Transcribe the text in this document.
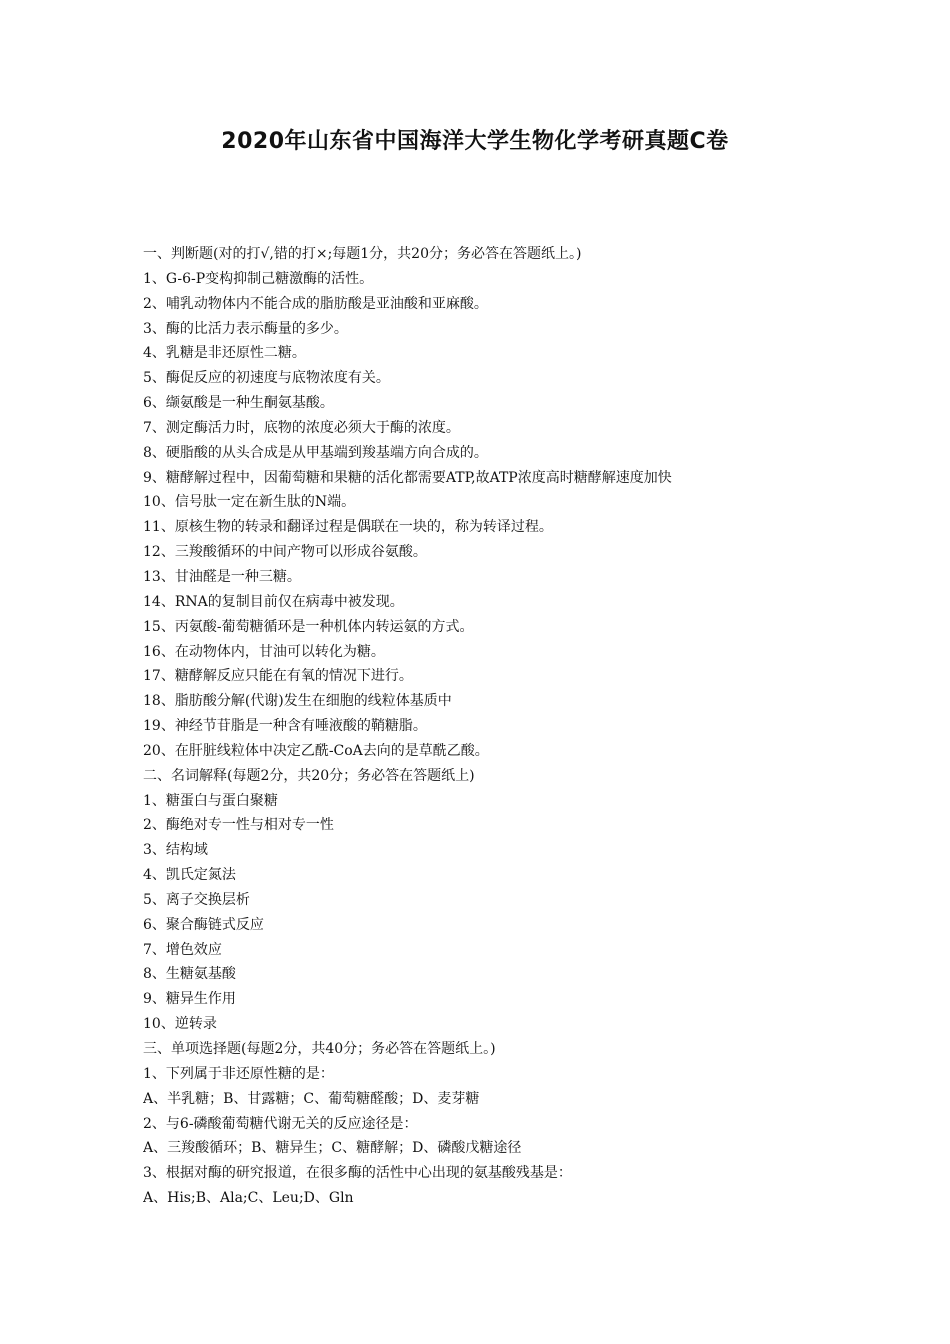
2020年山东省中国海洋大学生物化学考研真题C卷
一、判断题(对的打√,错的打×;每题1分，共20分；务必答在答题纸上。)
1、G-6-P变构抑制己糖激酶的活性。
2、哺乳动物体内不能合成的脂肪酸是亚油酸和亚麻酸。
3、酶的比活力表示酶量的多少。
4、乳糖是非还原性二糖。
5、酶促反应的初速度与底物浓度有关。
6、缬氨酸是一种生酮氨基酸。
7、测定酶活力时，底物的浓度必须大于酶的浓度。
8、硬脂酸的从头合成是从甲基端到羧基端方向合成的。
9、糖酵解过程中，因葡萄糖和果糖的活化都需要ATP,故ATP浓度高时糖酵解速度加快
10、信号肽一定在新生肽的N端。
11、原核生物的转录和翻译过程是偶联在一块的，称为转译过程。
12、三羧酸循环的中间产物可以形成谷氨酸。
13、甘油醛是一种三糖。
14、RNA的复制目前仅在病毒中被发现。
15、丙氨酸-葡萄糖循环是一种机体内转运氨的方式。
16、在动物体内，甘油可以转化为糖。
17、糖酵解反应只能在有氧的情况下进行。
18、脂肪酸分解(代谢)发生在细胞的线粒体基质中
19、神经节苷脂是一种含有唾液酸的鞘糖脂。
20、在肝脏线粒体中决定乙酰-CoA去向的是草酰乙酸。
二、名词解释(每题2分，共20分；务必答在答题纸上)
1、糖蛋白与蛋白聚糖
2、酶绝对专一性与相对专一性
3、结构域
4、凯氏定氮法
5、离子交换层析
6、聚合酶链式反应
7、增色效应
8、生糖氨基酸
9、糖异生作用
10、逆转录
三、单项选择题(每题2分，共40分；务必答在答题纸上。)
1、下列属于非还原性糖的是：
A、半乳糖；B、甘露糖；C、葡萄糖醛酸；D、麦芽糖
2、与6-磷酸葡萄糖代谢无关的反应途径是：
A、三羧酸循环；B、糖异生；C、糖酵解；D、磷酸戊糖途径
3、根据对酶的研究报道，在很多酶的活性中心出现的氨基酸残基是：
A、His;B、Ala;C、Leu;D、Gln
